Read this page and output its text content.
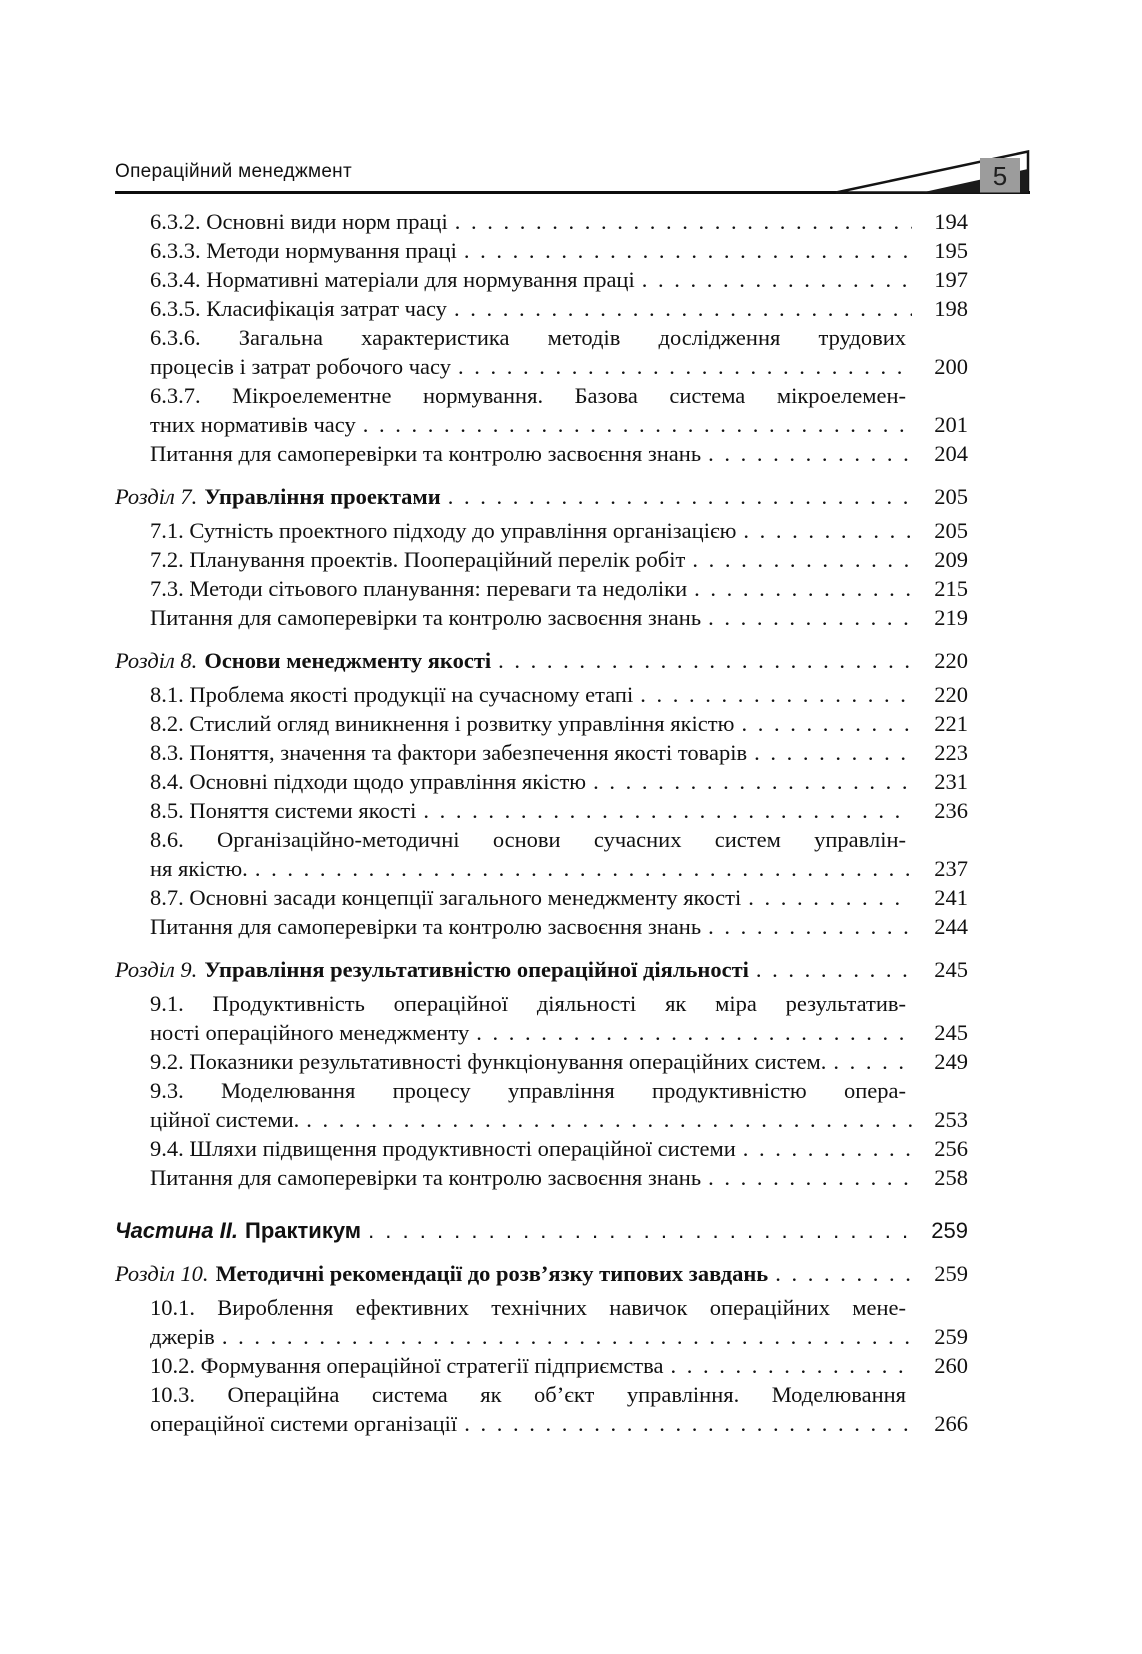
Операційний менеджмент	5
6.3.2. Основні види норм праці . . .	194
6.3.3. Методи нормування праці . . .	195
6.3.4. Нормативні матеріали для нормування праці . . .	197
6.3.5. Класифікація затрат часу . . .	198
6.3.6. Загальна характеристика методів дослідження трудових
процесів і затрат робочого часу . . .	200
6.3.7. Мікроелементне нормування. Базова система мікроелемен-
тних нормативів часу . . .	201
Питання для самоперевірки та контролю засвоєння знань . . .	204
Розділ 7. Управління проектами . . .	205
7.1. Сутність проектного підходу до управління організацією . . .	205
7.2. Планування проектів. Поопераційний перелік робіт . . .	209
7.3. Методи сітьового планування: переваги та недоліки . . .	215
Питання для самоперевірки та контролю засвоєння знань . . .	219
Розділ 8. Основи менеджменту якості . . .	220
8.1. Проблема якості продукції на сучасному етапі . . .	220
8.2. Стислий огляд виникнення і розвитку управління якістю . . .	221
8.3. Поняття, значення та фактори забезпечення якості товарів . . .	223
8.4. Основні підходи щодо управління якістю . . .	231
8.5. Поняття системи якості . . .	236
8.6. Організаційно-методичні основи сучасних систем управлін-
ня якістю. . . .	237
8.7. Основні засади концепції загального менеджменту якості . . .	241
Питання для самоперевірки та контролю засвоєння знань . . .	244
Розділ 9. Управління результативністю операційної діяльності . . .	245
9.1. Продуктивність операційної діяльності як міра результатив-
ності операційного менеджменту . . .	245
9.2. Показники результативності функціонування операційних систем. . . .	249
9.3. Моделювання процесу управління продуктивністю опера-
ційної системи. . . .	253
9.4. Шляхи підвищення продуктивності операційної системи . . .	256
Питання для самоперевірки та контролю засвоєння знань . . .	258
Частина II. Практикум . . .	259
Розділ 10. Методичні рекомендації до розв’язку типових завдань . . .	259
10.1. Вироблення ефективних технічних навичок операційних мене-
джерів . . .	259
10.2. Формування операційної стратегії підприємства . . .	260
10.3. Операційна система як об’єкт управління. Моделювання
операційної системи організації . . .	266
